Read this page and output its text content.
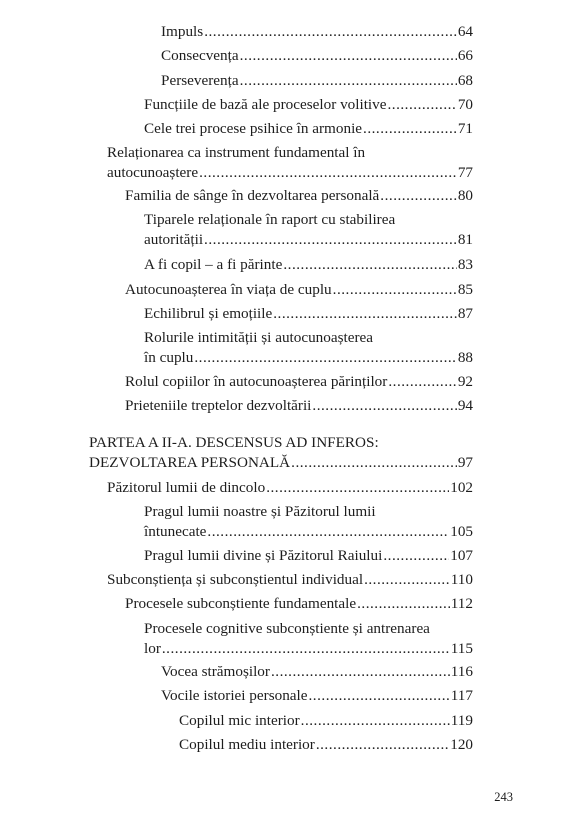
Impuls .....	64
Consecvența .....	66
Perseverența .....	68
Funcțiile de bază ale proceselor volitive .....	70
Cele trei procese psihice în armonie .....	71
Relaționarea ca instrument fundamental în
autocunoaștere .....	77
Familia de sânge în dezvoltarea personală .....	80
Tiparele relaționale în raport cu stabilirea
autorității .....	81
A fi copil – a fi părinte .....	83
Autocunoașterea în viața de cuplu .....	85
Echilibrul și emoțiile .....	87
Rolurile intimității și autocunoașterea
în cuplu .....	88
Rolul copiilor în autocunoașterea părinților .....	92
Prieteniile treptelor dezvoltării .....	94
PARTEA A II-A. DESCENSUS AD INFEROS:
DEZVOLTAREA PERSONALĂ .....	97
Păzitorul lumii de dincolo .....	102
Pragul lumii noastre și Păzitorul lumii
întunecate .....	105
Pragul lumii divine și Păzitorul Raiului .....	107
Subconștiența și subconștientul individual .....	110
Procesele subconștiente fundamentale .....	112
Procesele cognitive subconștiente și antrenarea
lor .....	115
Vocea strămoșilor .....	116
Vocile istoriei personale .....	117
Copilul mic interior .....	119
Copilul mediu interior .....	120
243
